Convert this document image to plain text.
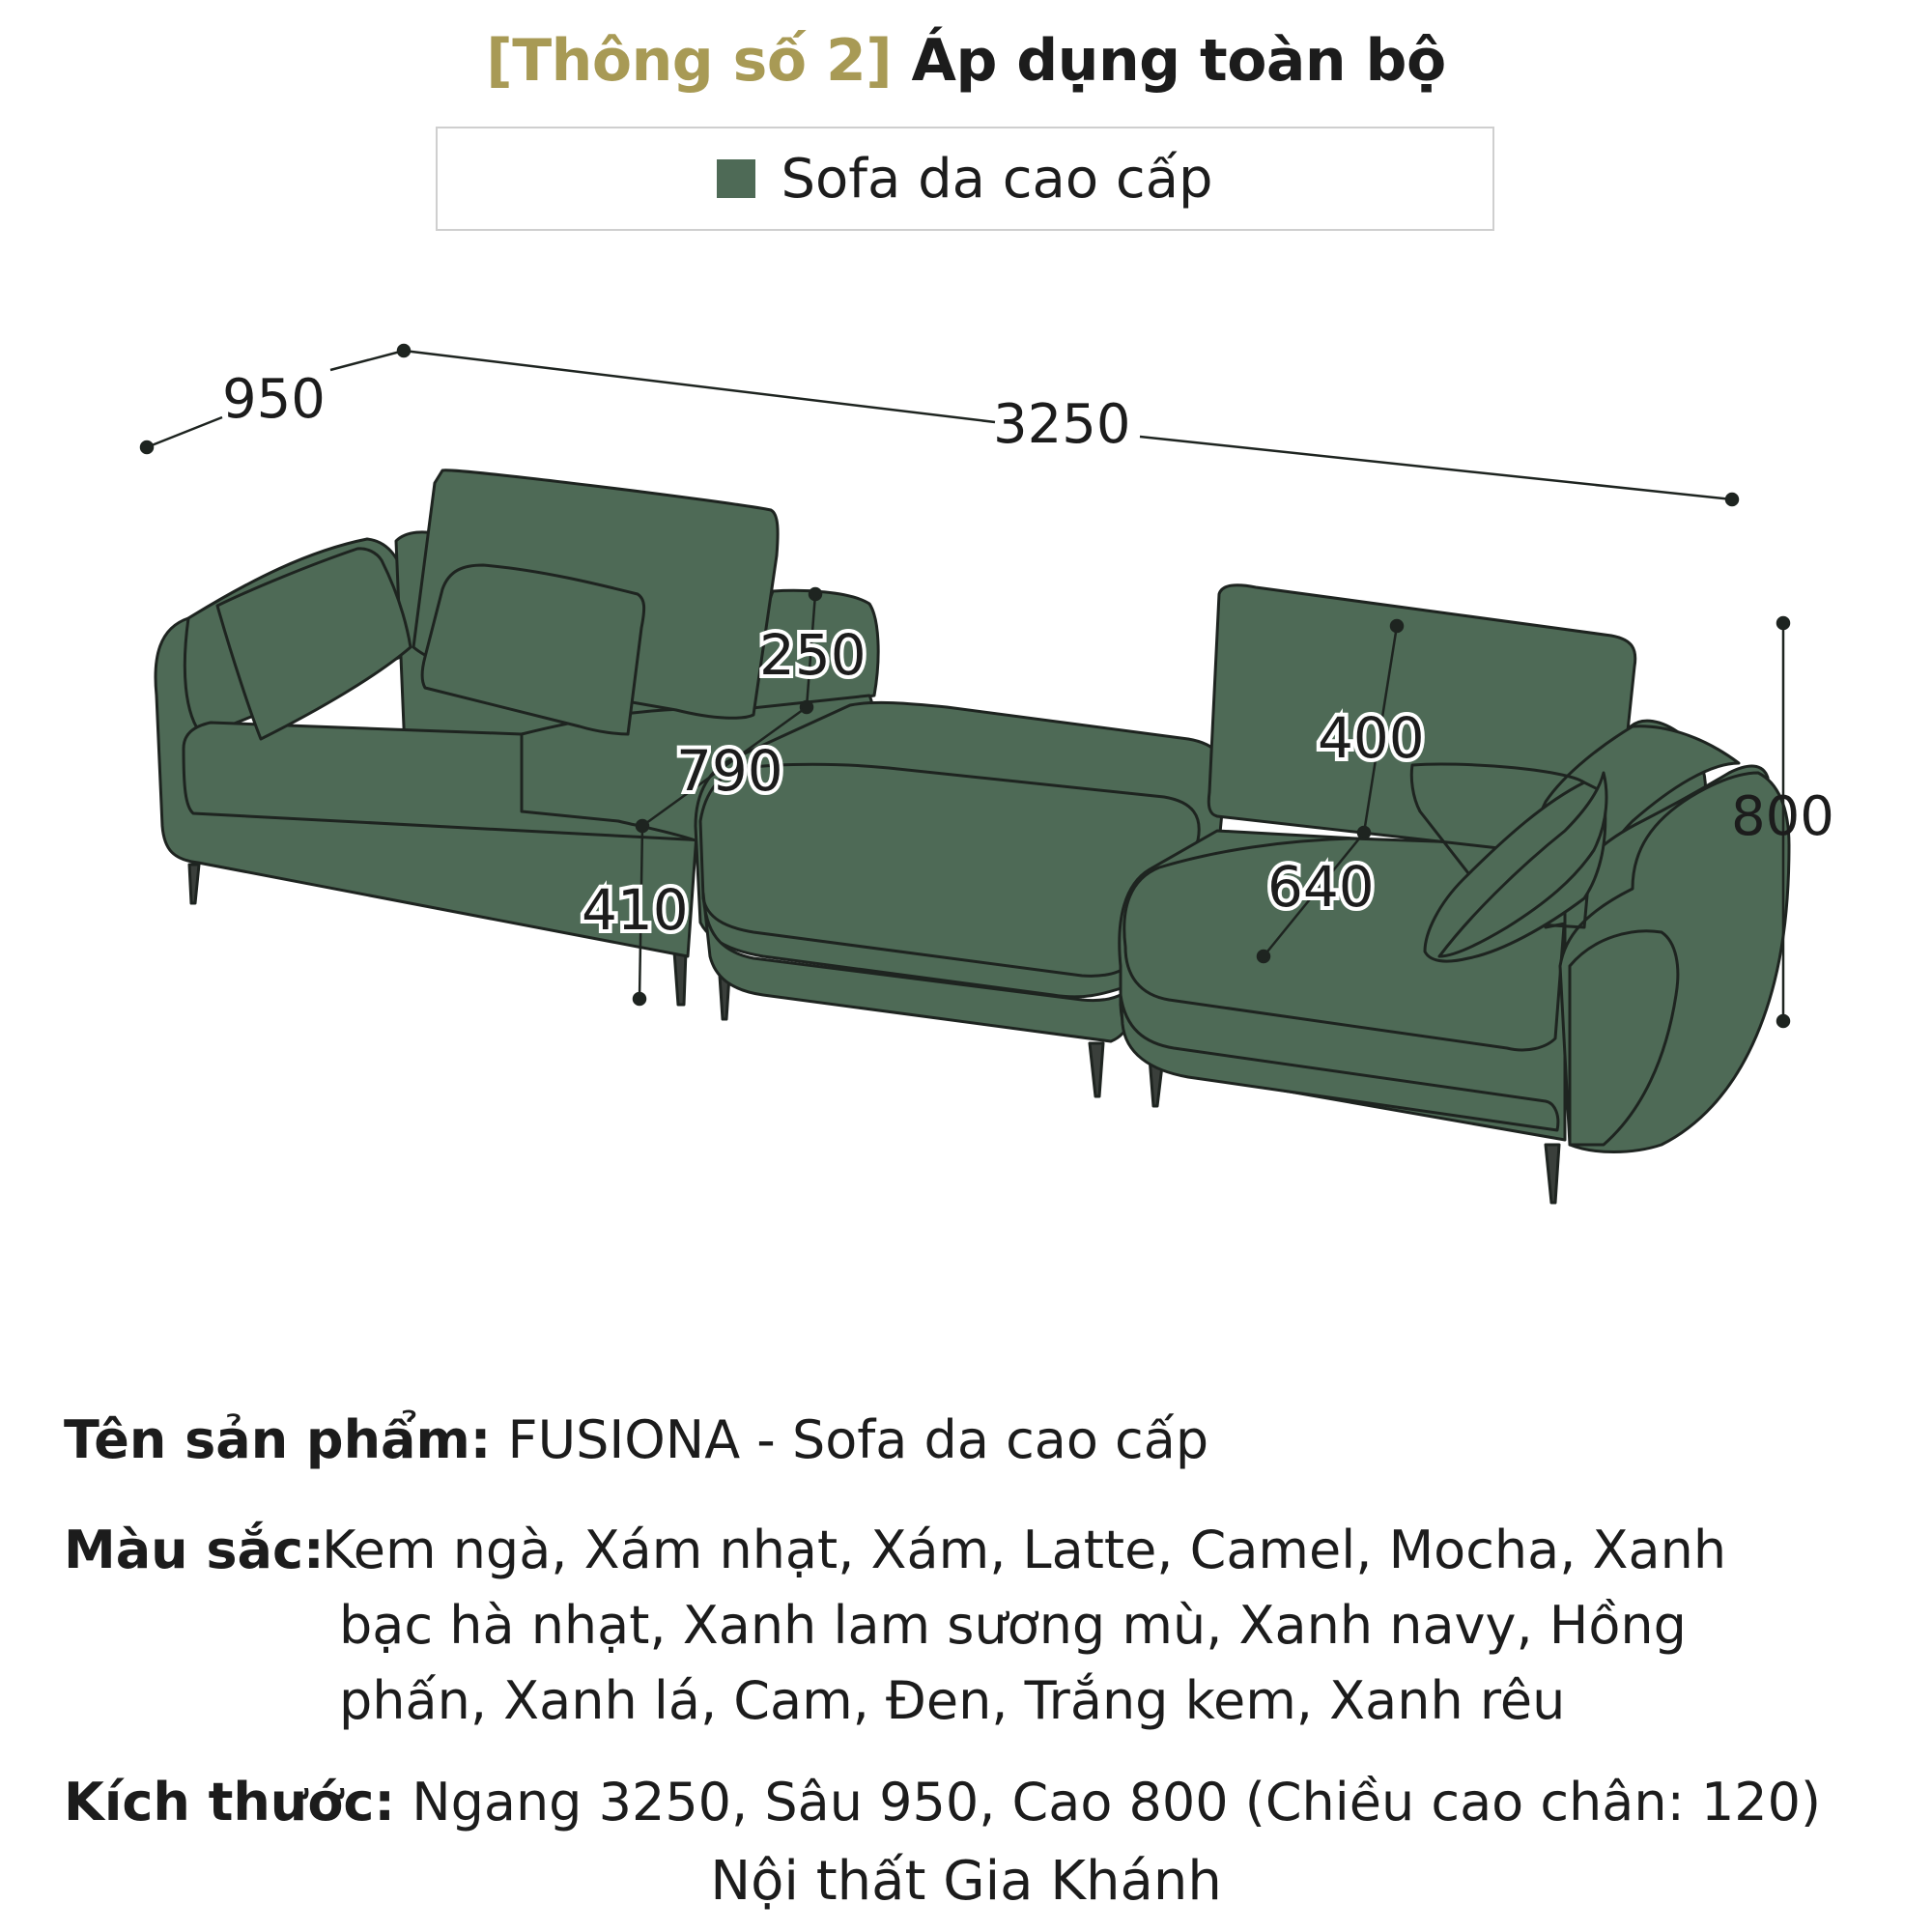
[Thông số 2] Áp dụng toàn bộ
Sofa da cao cấp
950	3250
800
250
790
410
400
640
Tên sản phẩm: FUSIONA - Sofa da cao cấp
Màu sắc:
Kem ngà, Xám nhạt, Xám, Latte, Camel, Mocha, Xanh bạc hà nhạt, Xanh lam sương mù, Xanh navy, Hồng phấn, Xanh lá, Cam, Đen, Trắng kem, Xanh rêu
Kích thước: Ngang 3250, Sâu 950, Cao 800 (Chiều cao chân: 120)
Nội thất Gia Khánh
